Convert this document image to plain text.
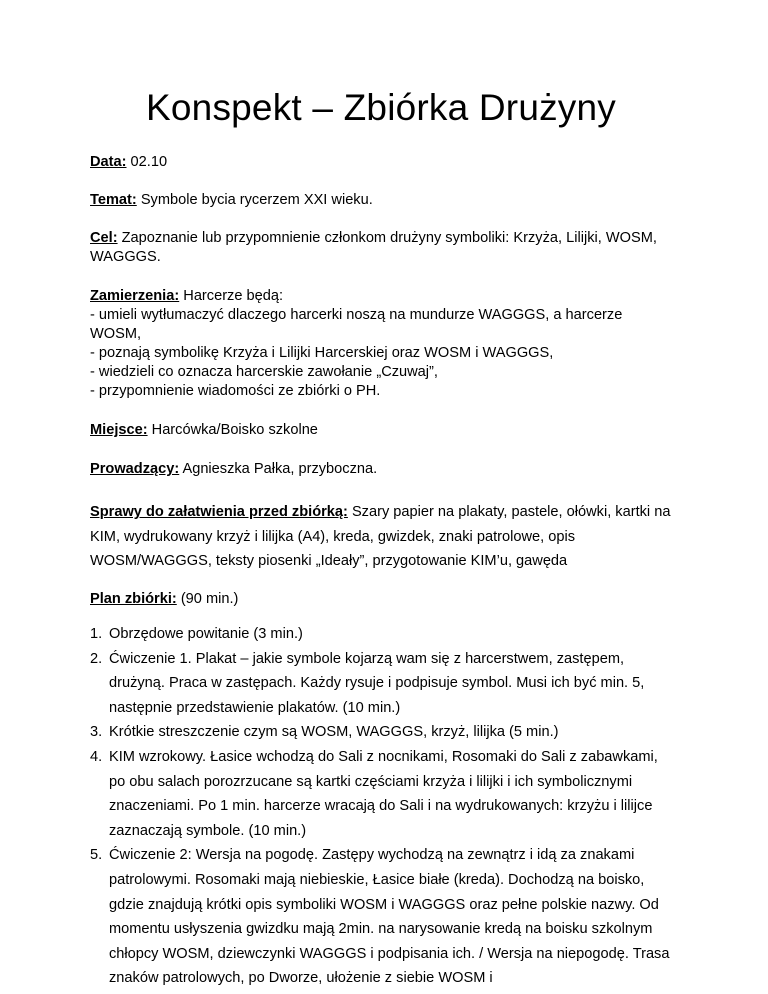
Konspekt – Zbiórka Drużyny

Data: 02.10

Temat: Symbole bycia rycerzem XXI wieku.

Cel: Zapoznanie lub przypomnienie członkom drużyny symboliki: Krzyża, Lilijki, WOSM, WAGGGS.

Zamierzenia: Harcerze będą:
- umieli wytłumaczyć dlaczego harcerki noszą na mundurze WAGGGS, a harcerze WOSM,
- poznają symbolikę Krzyża i Lilijki Harcerskiej oraz WOSM i WAGGGS,
- wiedzieli co oznacza harcerskie zawołanie „Czuwaj”,
- przypomnienie wiadomości ze zbiórki o PH.

Miejsce: Harcówka/Boisko szkolne

Prowadzący: Agnieszka Pałka, przyboczna.

Sprawy do załatwienia przed zbiórką: Szary papier na plakaty, pastele, ołówki, kartki na KIM, wydrukowany krzyż i lilijka (A4), kreda, gwizdek, znaki patrolowe, opis WOSM/WAGGGS, teksty piosenki „Ideały”, przygotowanie KIM’u, gawęda

Plan zbiórki: (90 min.)

1. Obrzędowe powitanie (3 min.)
2. Ćwiczenie 1. Plakat – jakie symbole kojarzą wam się z harcerstwem, zastępem, drużyną. Praca w zastępach. Każdy rysuje i podpisuje symbol. Musi ich być min. 5, następnie przedstawienie plakatów. (10 min.)
3. Krótkie streszczenie czym są WOSM, WAGGGS, krzyż, lilijka (5 min.)
4. KIM wzrokowy. Łasice wchodzą do Sali z nocnikami, Rosomaki do Sali z zabawkami, po obu salach porozrzucane są kartki częściami krzyża i lilijki i ich symbolicznymi znaczeniami. Po 1 min. harcerze wracają do Sali i na wydrukowanych: krzyżu i lilijce zaznaczają symbole. (10 min.)
5. Ćwiczenie 2: Wersja na pogodę. Zastępy wychodzą na zewnątrz i idą za znakami patrolowymi. Rosomaki mają niebieskie, Łasice białe (kreda). Dochodzą na boisko, gdzie znajdują krótki opis symboliki WOSM i WAGGGS oraz pełne polskie nazwy. Od momentu usłyszenia gwizdku mają 2min. na narysowanie kredą na boisku szkolnym chłopcy WOSM, dziewczynki WAGGGS i podpisania ich. / Wersja na niepogodę. Trasa znaków patrolowych, po Dworze, ułożenie z siebie WOSM i
